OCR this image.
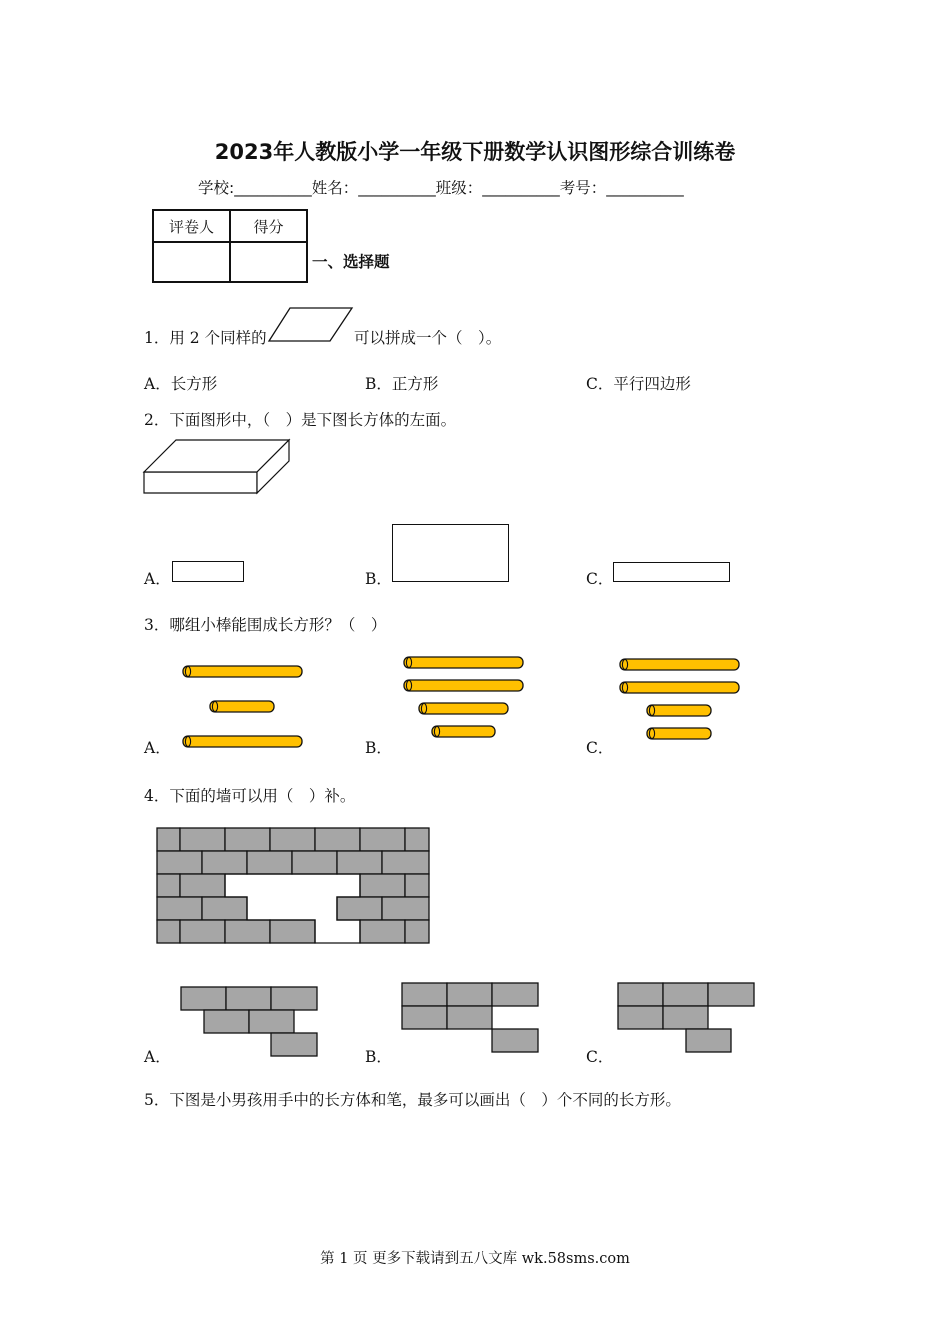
2023年人教版小学一年级下册数学认识图形综合训练卷
学校:__________姓名：__________班级：__________考号：__________
评卷人	得分

一、选择题
1．用 2 个同样的	可以拼成一个（　）。
A．长方形	B．正方形	C．平行四边形
2．下面图形中，（　）是下图长方体的左面。
A．	B．	C．
3．哪组小棒能围成长方形？（　）
A．	B．	C．
4．下面的墙可以用（　）补。
A．	B．	C．
5．下图是小男孩用手中的长方体和笔，最多可以画出（　）个不同的长方形。
第 1 页 更多下载请到五八文库 wk.58sms.com
